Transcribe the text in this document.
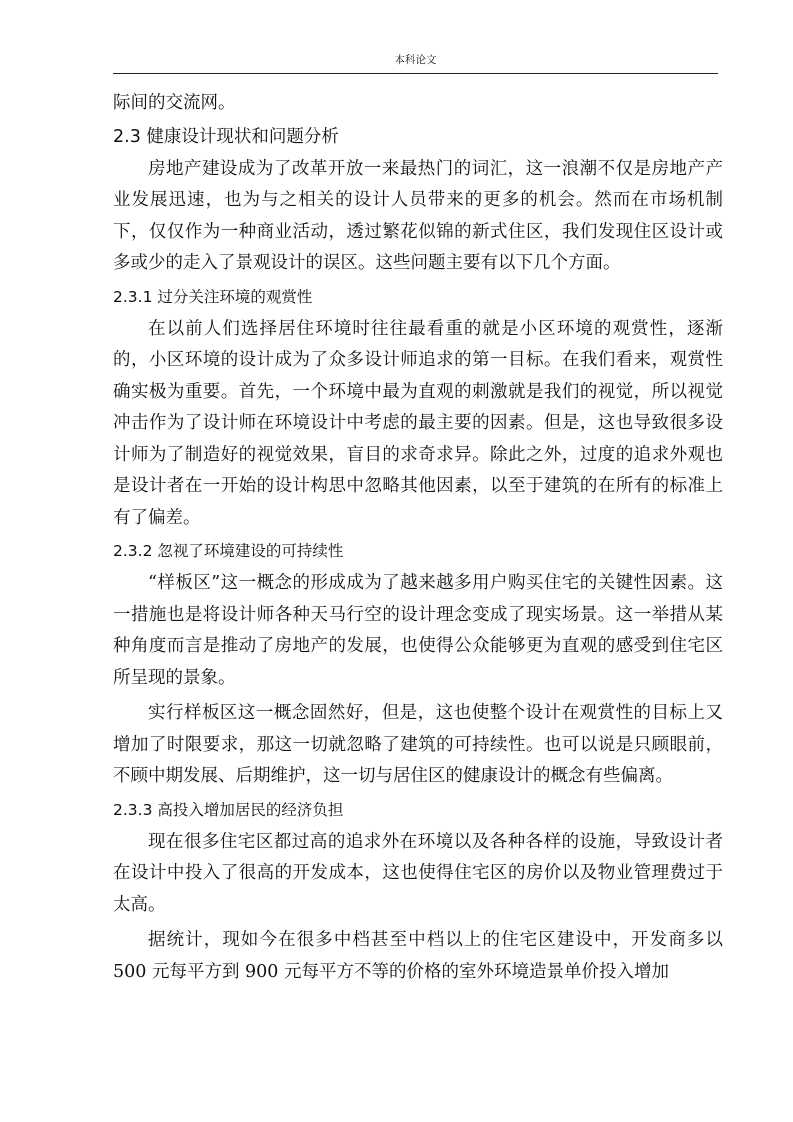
本科论文

际间的交流网。

2.3 健康设计现状和问题分析

房地产建设成为了改革开放一来最热门的词汇，这一浪潮不仅是房地产产业发展迅速，也为与之相关的设计人员带来的更多的机会。然而在市场机制下，仅仅作为一种商业活动，透过繁花似锦的新式住区，我们发现住区设计或多或少的走入了景观设计的误区。这些问题主要有以下几个方面。

2.3.1 过分关注环境的观赏性

在以前人们选择居住环境时往往最看重的就是小区环境的观赏性，逐渐的，小区环境的设计成为了众多设计师追求的第一目标。在我们看来，观赏性确实极为重要。首先，一个环境中最为直观的刺激就是我们的视觉，所以视觉冲击作为了设计师在环境设计中考虑的最主要的因素。但是，这也导致很多设计师为了制造好的视觉效果，盲目的求奇求异。除此之外，过度的追求外观也是设计者在一开始的设计构思中忽略其他因素，以至于建筑的在所有的标准上有了偏差。

2.3.2 忽视了环境建设的可持续性

“样板区”这一概念的形成成为了越来越多用户购买住宅的关键性因素。这一措施也是将设计师各种天马行空的设计理念变成了现实场景。这一举措从某种角度而言是推动了房地产的发展，也使得公众能够更为直观的感受到住宅区所呈现的景象。

实行样板区这一概念固然好，但是，这也使整个设计在观赏性的目标上又增加了时限要求，那这一切就忽略了建筑的可持续性。也可以说是只顾眼前，不顾中期发展、后期维护，这一切与居住区的健康设计的概念有些偏离。

2.3.3 高投入增加居民的经济负担

现在很多住宅区都过高的追求外在环境以及各种各样的设施，导致设计者在设计中投入了很高的开发成本，这也使得住宅区的房价以及物业管理费过于太高。

据统计，现如今在很多中档甚至中档以上的住宅区建设中，开发商多以 500 元每平方到 900 元每平方不等的价格的室外环境造景单价投入增加
